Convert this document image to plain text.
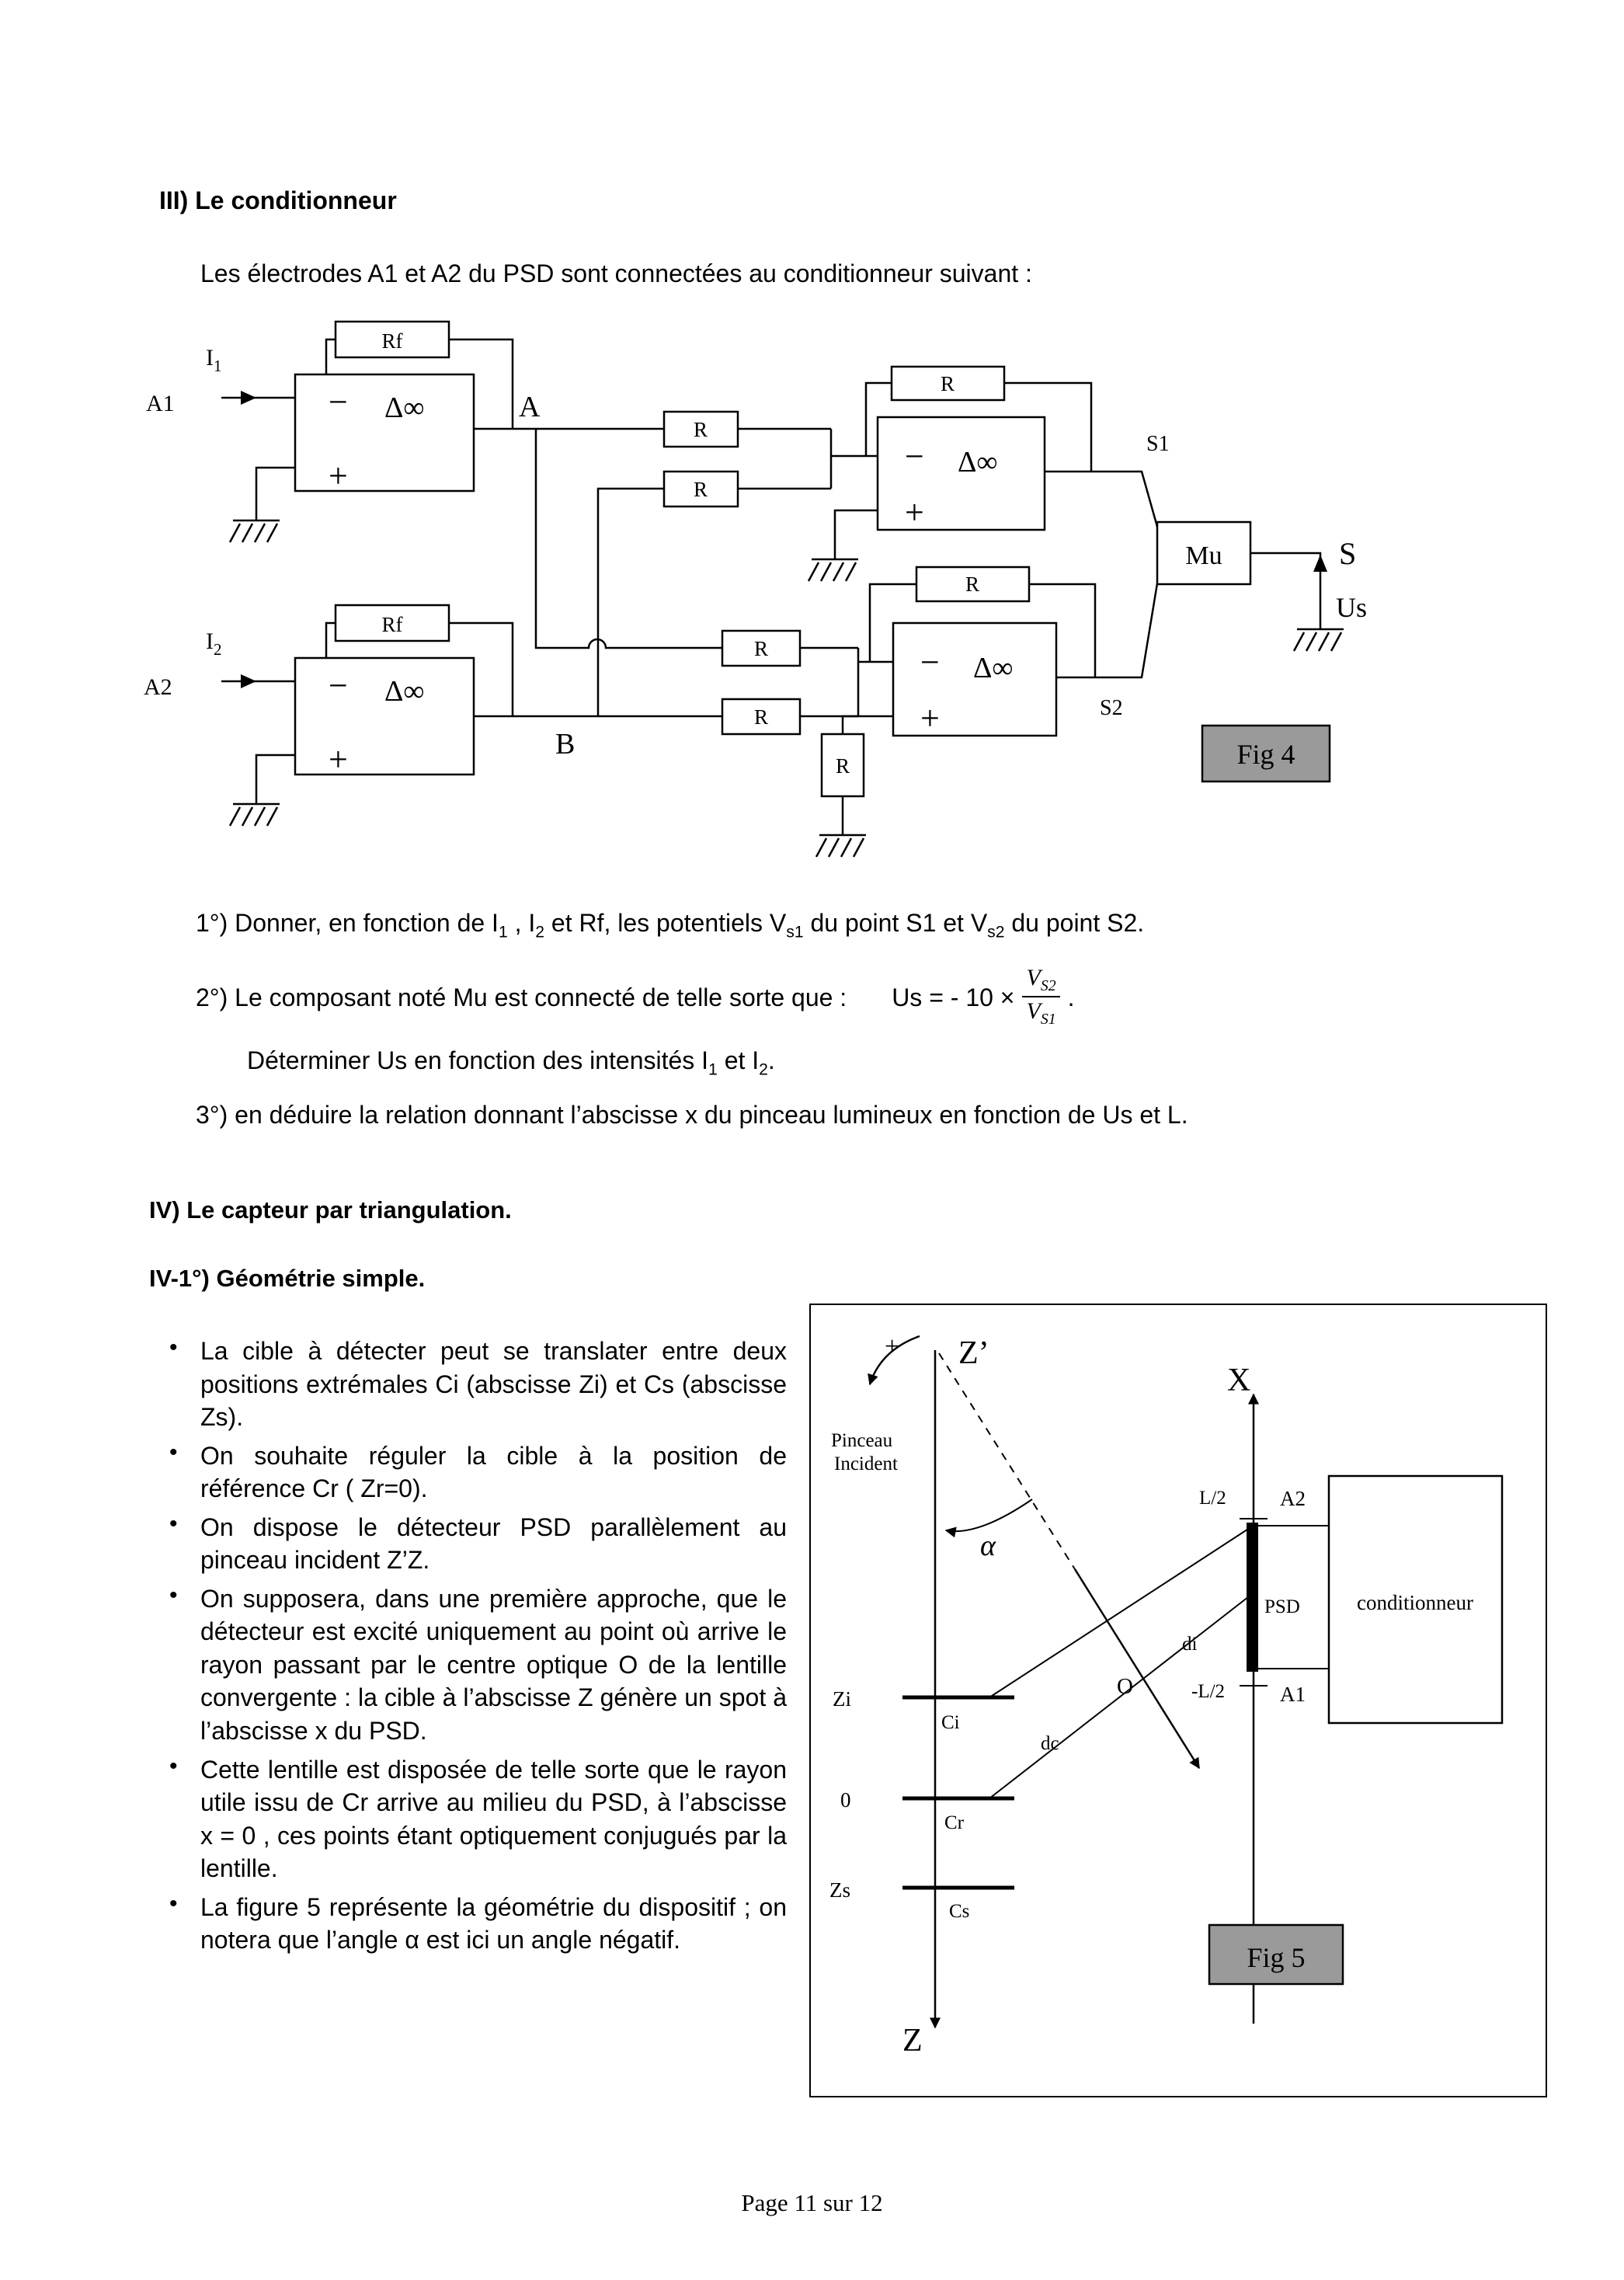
III) Le conditionneur

Les électrodes A1 et A2 du PSD sont connectées au conditionneur suivant :

$I_1$
A1
$I_2$
A2
− Δ∞
+
− Δ∞
+
− Δ∞
+
− Δ∞
+
Rf
Rf
R
R
R
R
R
R
R
A
B
S1
S2
Mu	S
Us
Fig 4

1°) Donner, en fonction de $I_1$ , $I_2$ et Rf, les potentiels $V_{s1}$ du point S1 et $V_{s2}$ du point S2.

2°) Le composant noté Mu est connecté de telle sorte que : Us = - $10 \times \frac{V_{S2}}{V_{S1}}$ .

Déterminer Us en fonction des intensités $I_1$ et $I_2$.

3°) en déduire la relation donnant l’abscisse x du pinceau lumineux en fonction de Us et L.

IV) Le capteur par triangulation.
IV-1°) Géométrie simple.
• La cible à détecter peut se translater entre deux positions extrémales Ci (abscisse Zi) et Cs (abscisse Zs).
• On souhaite réguler la cible à la position de référence Cr ( Zr=0).
• On dispose le détecteur PSD parallèlement au pinceau incident Z’Z.
• On supposera, dans une première approche, que le détecteur est excité uniquement au point où arrive le rayon passant par le centre optique O de la lentille convergente : la cible à l’abscisse Z génère un spot à l’abscisse x du PSD.
• Cette lentille est disposée de telle sorte que le rayon utile issu de Cr arrive au milieu du PSD, à l’abscisse x = 0 , ces points étant optiquement conjugués par la lentille.
• La figure 5 représente la géométrie du dispositif ; on notera que l’angle α est ici un angle négatif.
Z’
+
Pinceau
Incident
α
X
L/2	A2
PSD	conditionneur
di
O	-L/2	A1
Zi
Ci
dc
0
Cr
Zs
Cs
Fig 5
Z
Page 11 sur 12
